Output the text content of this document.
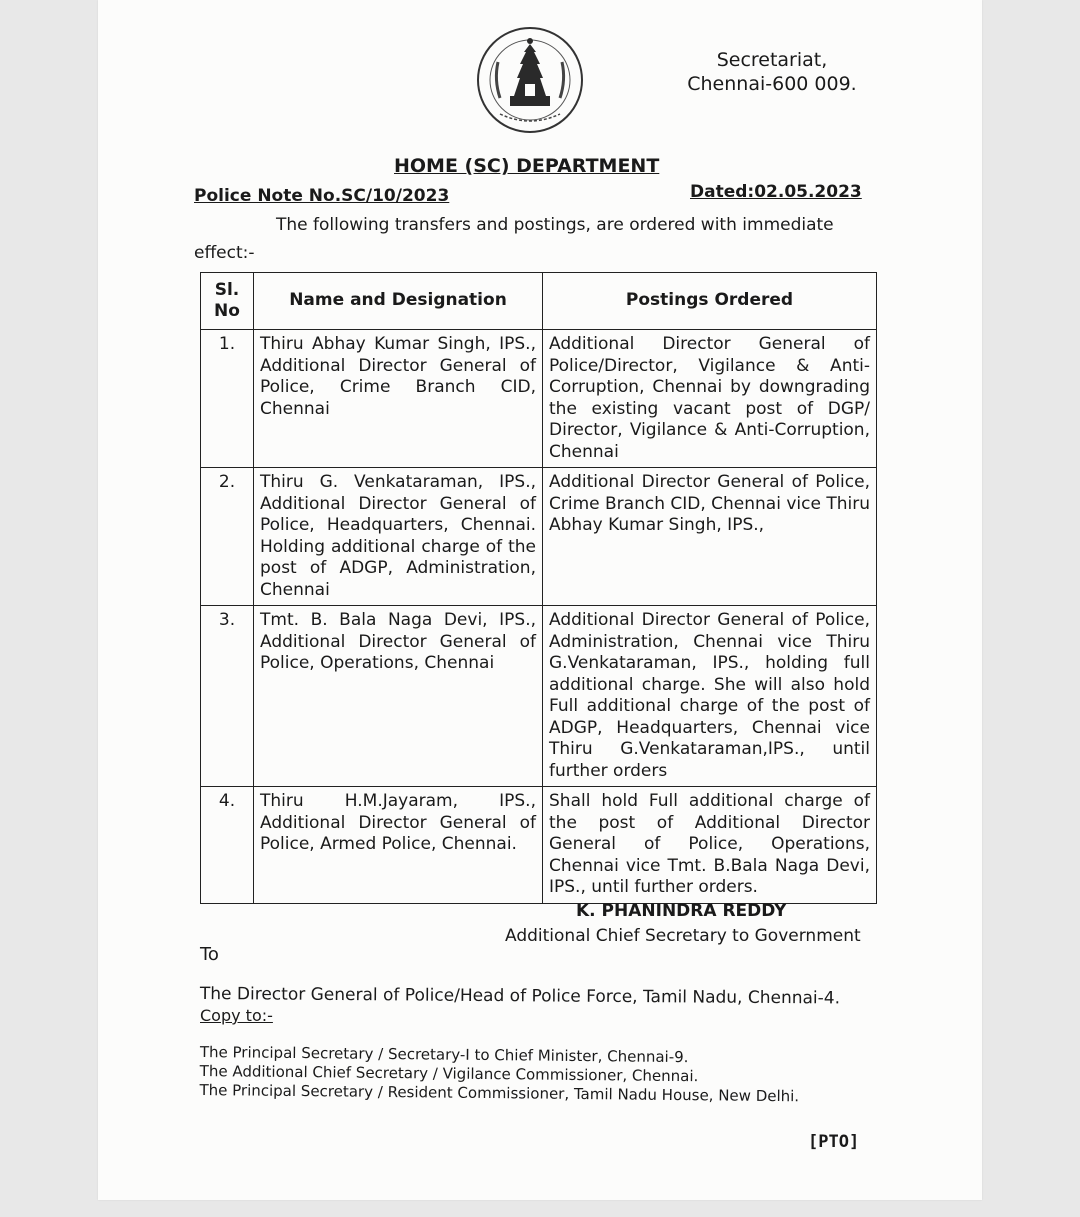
Secretariat,
Chennai-600 009.
HOME (SC) DEPARTMENT
Police Note No.SC/10/2023	Dated:02.05.2023
The following transfers and postings, are ordered with immediate
effect:-
Sl.
No	Name and Designation	Postings Ordered
1.	Thiru Abhay Kumar Singh, IPS., Additional Director General of Police, Crime Branch CID, Chennai	Additional Director General of Police/Director, Vigilance & Anti-Corruption, Chennai by downgrading the existing vacant post of DGP/ Director, Vigilance & Anti-Corruption, Chennai
2.	Thiru G. Venkataraman, IPS., Additional Director General of Police, Headquarters, Chennai. Holding additional charge of the post of ADGP, Administration, Chennai	Additional Director General of Police, Crime Branch CID, Chennai vice Thiru Abhay Kumar Singh, IPS.,
3.	Tmt. B. Bala Naga Devi, IPS., Additional Director General of Police, Operations, Chennai	Additional Director General of Police, Administration, Chennai vice Thiru G.Venkataraman, IPS., holding full additional charge. She will also hold Full additional charge of the post of ADGP, Headquarters, Chennai vice Thiru G.Venkataraman,IPS., until further orders
4.	Thiru H.M.Jayaram, IPS., Additional Director General of Police, Armed Police, Chennai.	Shall hold Full additional charge of the post of Additional Director General of Police, Operations, Chennai vice Tmt. B.Bala Naga Devi, IPS., until further orders.
K. PHANINDRA REDDY
Additional Chief Secretary to Government
To
The Director General of Police/Head of Police Force, Tamil Nadu, Chennai-4.
Copy to:-
The Principal Secretary / Secretary-I to Chief Minister, Chennai-9.
The Additional Chief Secretary / Vigilance Commissioner, Chennai.
The Principal Secretary / Resident Commissioner, Tamil Nadu House, New Delhi.
[PTO]
